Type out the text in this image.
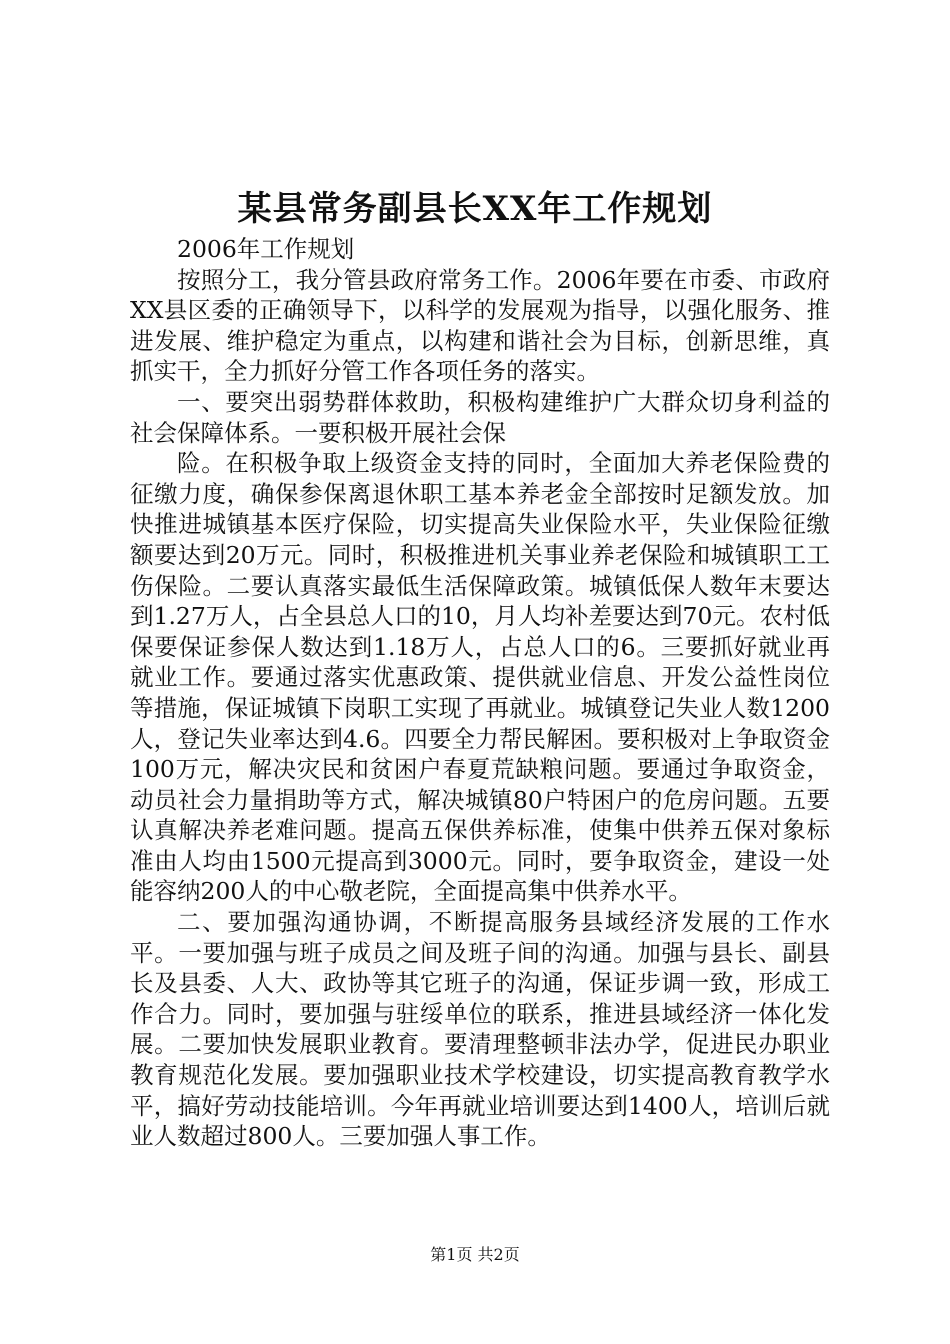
某县常务副县长XX年工作规划

2006年工作规划

按照分工，我分管县政府常务工作。2006年要在市委、市政府XX县区委的正确领导下，以科学的发展观为指导，以强化服务、推进发展、维护稳定为重点，以构建和谐社会为目标，创新思维，真抓实干，全力抓好分管工作各项任务的落实。

一、要突出弱势群体救助，积极构建维护广大群众切身利益的社会保障体系。一要积极开展社会保

险。在积极争取上级资金支持的同时，全面加大养老保险费的征缴力度，确保参保离退休职工基本养老金全部按时足额发放。加快推进城镇基本医疗保险，切实提高失业保险水平，失业保险征缴额要达到20万元。同时，积极推进机关事业养老保险和城镇职工工伤保险。二要认真落实最低生活保障政策。城镇低保人数年末要达到1.27万人，占全县总人口的10，月人均补差要达到70元。农村低保要保证参保人数达到1.18万人，占总人口的6。三要抓好就业再就业工作。要通过落实优惠政策、提供就业信息、开发公益性岗位等措施，保证城镇下岗职工实现了再就业。城镇登记失业人数1200人，登记失业率达到4.6。四要全力帮民解困。要积极对上争取资金100万元，解决灾民和贫困户春夏荒缺粮问题。要通过争取资金，动员社会力量捐助等方式，解决城镇80户特困户的危房问题。五要认真解决养老难问题。提高五保供养标准，使集中供养五保对象标准由人均由1500元提高到3000元。同时，要争取资金，建设一处能容纳200人的中心敬老院，全面提高集中供养水平。

二、要加强沟通协调，不断提高服务县域经济发展的工作水平。一要加强与班子成员之间及班子间的沟通。加强与县长、副县长及县委、人大、政协等其它班子的沟通，保证步调一致，形成工作合力。同时，要加强与驻绥单位的联系，推进县域经济一体化发展。二要加快发展职业教育。要清理整顿非法办学，促进民办职业教育规范化发展。要加强职业技术学校建设，切实提高教育教学水平，搞好劳动技能培训。今年再就业培训要达到1400人，培训后就业人数超过800人。三要加强人事工作。

第1页 共2页
